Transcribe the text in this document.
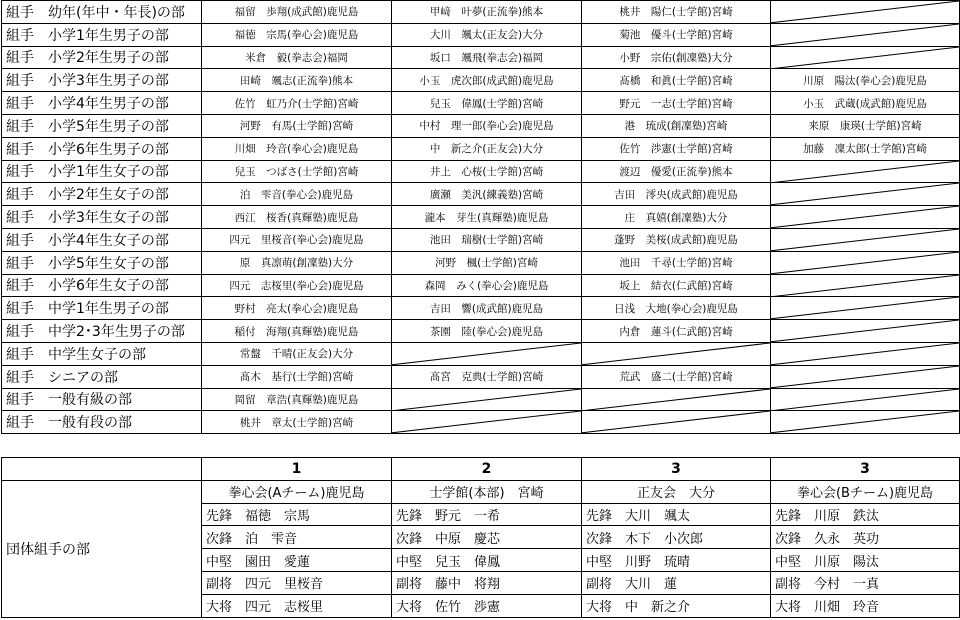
組手　幼年(年中・年長)の部	福留　歩翔(成武館)鹿児島	甲﨑　叶夢(正流拳)熊本	桃井　陽仁(士学館)宮崎	

組手　小学1年生男子の部	福徳　宗馬(拳心会)鹿児島	大川　颯太(正友会)大分	菊池　優斗(士学館)宮崎	

組手　小学2年生男子の部	米倉　毅(拳志会)福岡	坂口　颯飛(拳志会)福岡	小野　宗佑(創凜塾)大分	

組手　小学3年生男子の部	田崎　颯志(正流拳)熊本	小玉　虎次郎(成武館)鹿児島	髙橋　和眞(士学館)宮崎	川原　陽汰(拳心会)鹿児島
組手　小学4年生男子の部	佐竹　虹乃介(士学館)宮崎	兒玉　偉鳳(士学館)宮崎	野元　一志(士学館)宮崎	小玉　武蔵(成武館)鹿児島
組手　小学5年生男子の部	河野　有馬(士学館)宮崎	中村　理一郎(拳心会)鹿児島	港　琉成(創凜塾)宮崎	来原　康瑛(士学館)宮崎
組手　小学6年生男子の部	川畑　玲音(拳心会)鹿児島	中　新之介(正友会)大分	佐竹　渉憲(士学館)宮崎	加藤　凜太郎(士学館)宮崎
組手　小学1年生女子の部	兒玉　つばさ(士学館)宮崎	井上　心桜(士学館)宮崎	渡辺　優愛(正流拳)熊本	

組手　小学2年生女子の部	泊　雫音(拳心会)鹿児島	廣瀬　美汎(練義塾)宮崎	吉田　澪央(成武館)鹿児島	

組手　小学3年生女子の部	西江　桜香(真輝塾)鹿児島	瀧本　芽生(真輝塾)鹿児島	庄　真嬉(創凜塾)大分	

組手　小学4年生女子の部	四元　里桜音(拳心会)鹿児島	池田　瑞樹(士学館)宮崎	蓬野　美桜(成武館)鹿児島	

組手　小学5年生女子の部	原　真凛萌(創凜塾)大分	河野　楓(士学館)宮崎	池田　千尋(士学館)宮崎	

組手　小学6年生女子の部	四元　志桜里(拳心会)鹿児島	森岡　みく(拳心会)鹿児島	坂上　結衣(仁武館)宮崎	

組手　中学1年生男子の部	野村　亮太(拳心会)鹿児島	吉田　響(成武館)鹿児島	日浅　大地(拳心会)鹿児島	

組手　中学2･3年生男子の部	稲付　海翔(真輝塾)鹿児島	茶園　陸(拳心会)鹿児島	内倉　蓮斗(仁武館)宮崎	

組手　中学生女子の部	常盤　千晴(正友会)大分	

組手　シニアの部	髙木　基行(士学館)宮崎	髙宮　克典(士学館)宮崎	荒武　盛二(士学館)宮崎	

組手　一般有級の部	岡留　章浩(真輝塾)鹿児島	

組手　一般有段の部	桃井　章太(士学館)宮崎	

	1	2	3	3
団体組手の部	拳心会(Aチーム)鹿児島	士学館(本部)　宮崎	正友会　大分	拳心会(Bチーム)鹿児島
	先鋒　福徳　宗馬	先鋒　野元　一希	先鋒　大川　颯太	先鋒　川原　鉄汰
	次鋒　泊　雫音	次鋒　中原　慶芯	次鋒　木下　小次郎	次鋒　久永　英功
	中堅　園田　愛蓮	中堅　兒玉　偉鳳	中堅　川野　琉晴	中堅　川原　陽汰
	副将　四元　里桜音	副将　藤中　将翔	副将　大川　蓮	副将　今村　一真
	大将　四元　志桜里	大将　佐竹　渉憲	大将　中　新之介	大将　川畑　玲音
